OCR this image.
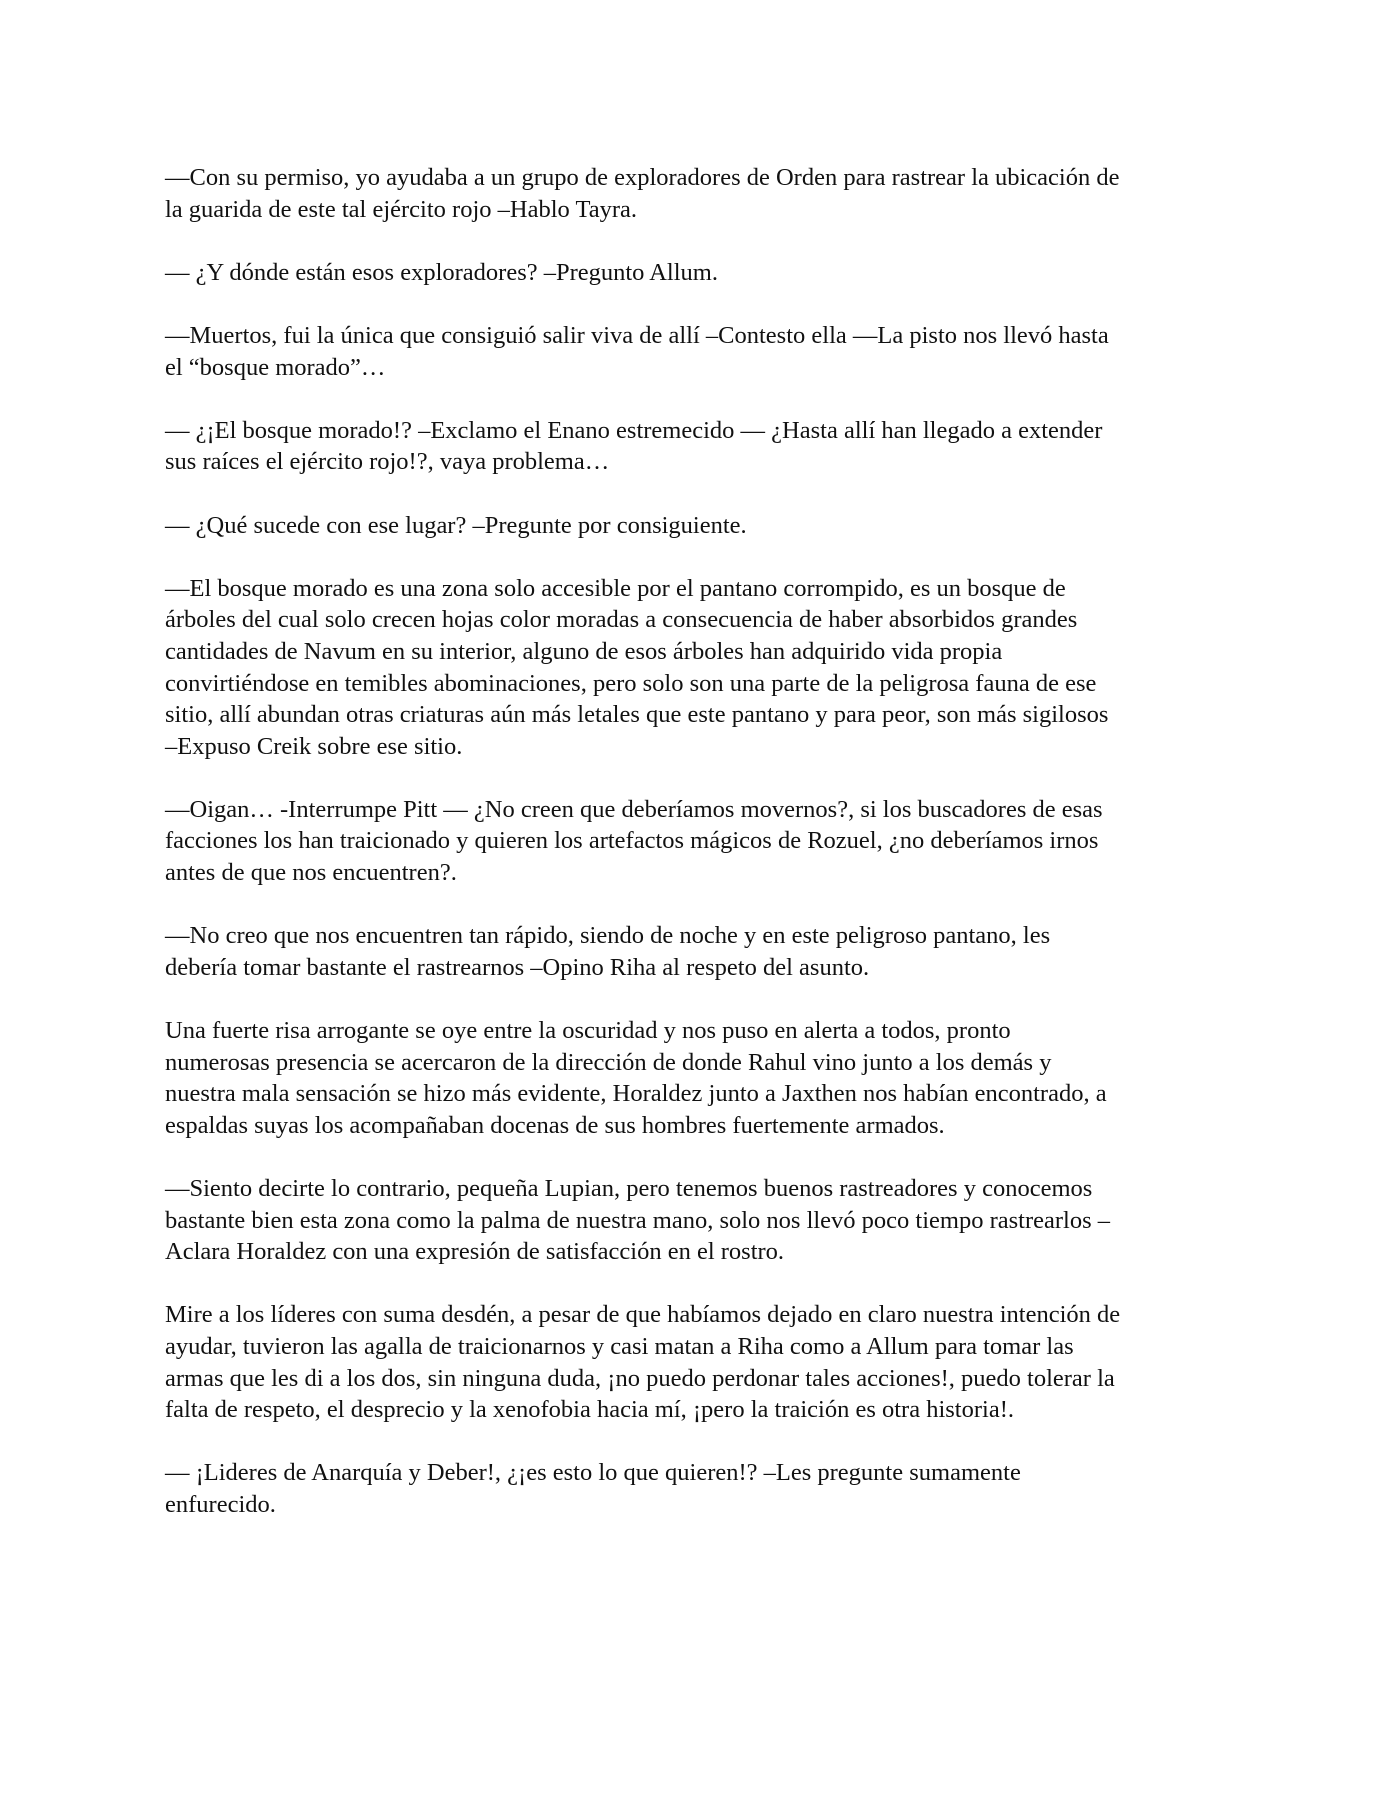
—Con su permiso, yo ayudaba a un grupo de exploradores de Orden para rastrear la ubicación de
la guarida de este tal ejército rojo –Hablo Tayra.

— ¿Y dónde están esos exploradores? –Pregunto Allum.

—Muertos, fui la única que consiguió salir viva de allí –Contesto ella —La pisto nos llevó hasta
el “bosque morado”…

— ¿¡El bosque morado!? –Exclamo el Enano estremecido — ¿Hasta allí han llegado a extender
sus raíces el ejército rojo!?, vaya problema…

— ¿Qué sucede con ese lugar? –Pregunte por consiguiente.

—El bosque morado es una zona solo accesible por el pantano corrompido, es un bosque de
árboles del cual solo crecen hojas color moradas a consecuencia de haber absorbidos grandes
cantidades de Navum en su interior, alguno de esos árboles han adquirido vida propia
convirtiéndose en temibles abominaciones, pero solo son una parte de la peligrosa fauna de ese
sitio, allí abundan otras criaturas aún más letales que este pantano y para peor, son más sigilosos
–Expuso Creik sobre ese sitio.

—Oigan… -Interrumpe Pitt — ¿No creen que deberíamos movernos?, si los buscadores de esas
facciones los han traicionado y quieren los artefactos mágicos de Rozuel, ¿no deberíamos irnos
antes de que nos encuentren?.

—No creo que nos encuentren tan rápido, siendo de noche y en este peligroso pantano, les
debería tomar bastante el rastrearnos –Opino Riha al respeto del asunto.

Una fuerte risa arrogante se oye entre la oscuridad y nos puso en alerta a todos, pronto
numerosas presencia se acercaron de la dirección de donde Rahul vino junto a los demás y
nuestra mala sensación se hizo más evidente, Horaldez junto a Jaxthen nos habían encontrado, a
espaldas suyas los acompañaban docenas de sus hombres fuertemente armados.

—Siento decirte lo contrario, pequeña Lupian, pero tenemos buenos rastreadores y conocemos
bastante bien esta zona como la palma de nuestra mano, solo nos llevó poco tiempo rastrearlos –
Aclara Horaldez con una expresión de satisfacción en el rostro.

Mire a los líderes con suma desdén, a pesar de que habíamos dejado en claro nuestra intención de
ayudar, tuvieron las agalla de traicionarnos y casi matan a Riha como a Allum para tomar las
armas que les di a los dos, sin ninguna duda, ¡no puedo perdonar tales acciones!, puedo tolerar la
falta de respeto, el desprecio y la xenofobia hacia mí, ¡pero la traición es otra historia!.

— ¡Lideres de Anarquía y Deber!, ¿¡es esto lo que quieren!? –Les pregunte sumamente
enfurecido.
